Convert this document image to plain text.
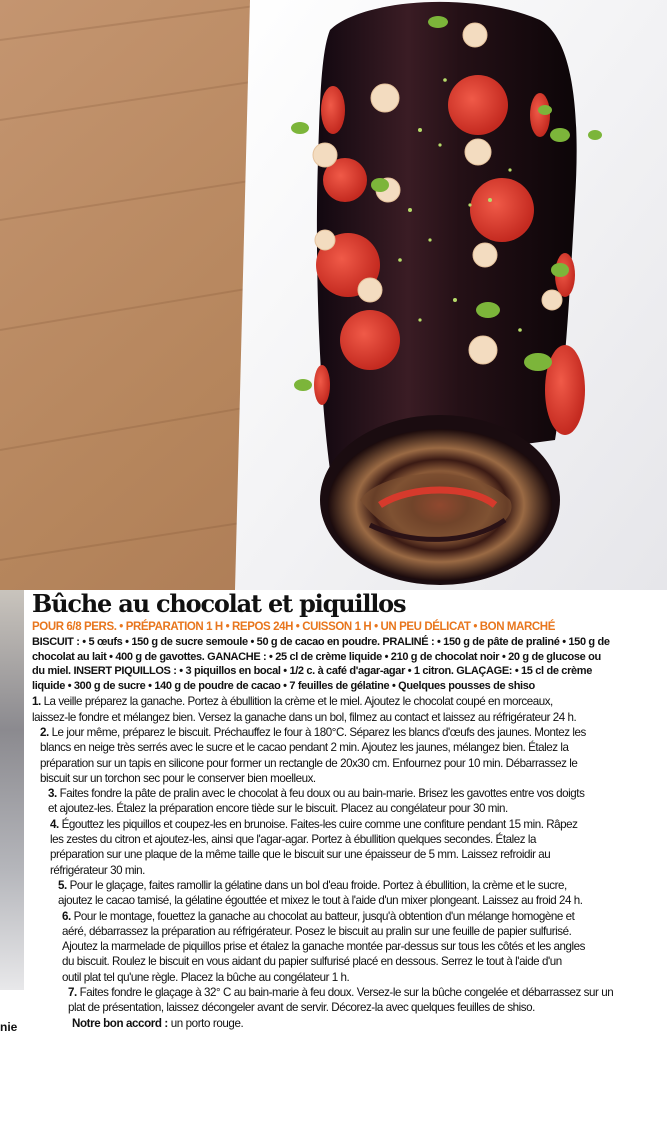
nie
Bûche au chocolat et piquillos
POUR 6/8 PERS. • PRÉPARATION 1 H • REPOS 24H • CUISSON 1 H • UN PEU DÉLICAT • BON MARCHÉ
BISCUIT : • 5 œufs • 150 g de sucre semoule • 50 g de cacao en poudre. PRALINÉ : • 150 g de pâte de praliné • 150 g de
chocolat au lait • 400 g de gavottes. GANACHE : • 25 cl de crème liquide • 210 g de chocolat noir • 20 g de glucose ou
du miel. INSERT PIQUILLOS : • 3 piquillos en bocal • 1/2 c. à café d'agar-agar • 1 citron. GLAÇAGE: • 15 cl de crème
liquide • 300 g de sucre • 140 g de poudre de cacao • 7 feuilles de gélatine • Quelques pousses de shiso
1. La veille préparez la ganache. Portez à ébullition la crème et le miel. Ajoutez le chocolat coupé en morceaux,
laissez-le fondre et mélangez bien. Versez la ganache dans un bol, filmez au contact et laissez au réfrigérateur 24 h.
2. Le jour même, préparez le biscuit. Préchauffez le four à 180°C. Séparez les blancs d'œufs des jaunes. Montez les
blancs en neige très serrés avec le sucre et le cacao pendant 2 min. Ajoutez les jaunes, mélangez bien. Étalez la
préparation sur un tapis en silicone pour former un rectangle de 20x30 cm. Enfournez pour 10 min. Débarrassez le
biscuit sur un torchon sec pour le conserver bien moelleux.
3. Faites fondre la pâte de pralin avec le chocolat à feu doux ou au bain-marie. Brisez les gavottes entre vos doigts
et ajoutez-les. Étalez la préparation encore tiède sur le biscuit. Placez au congélateur pour 30 min.
4. Égouttez les piquillos et coupez-les en brunoise. Faites-les cuire comme une confiture pendant 15 min. Râpez
les zestes du citron et ajoutez-les, ainsi que l'agar-agar. Portez à ébullition quelques secondes. Étalez la
préparation sur une plaque de la même taille que le biscuit sur une épaisseur de 5 mm. Laissez refroidir au
réfrigérateur 30 min.
5. Pour le glaçage, faites ramollir la gélatine dans un bol d'eau froide. Portez à ébullition, la crème et le sucre,
ajoutez le cacao tamisé, la gélatine égouttée et mixez le tout à l'aide d'un mixer plongeant. Laissez au froid 24 h.
6. Pour le montage, fouettez la ganache au chocolat au batteur, jusqu'à obtention d'un mélange homogène et
aéré, débarrassez la préparation au réfrigérateur. Posez le biscuit au pralin sur une feuille de papier sulfurisé.
Ajoutez la marmelade de piquillos prise et étalez la ganache montée par-dessus sur tous les côtés et les angles
du biscuit. Roulez le biscuit en vous aidant du papier sulfurisé placé en dessous. Serrez le tout à l'aide d'un
outil plat tel qu'une règle. Placez la bûche au congélateur 1 h.
7. Faites fondre le glaçage à 32° C au bain-marie à feu doux. Versez-le sur la bûche congelée et débarrassez sur un
plat de présentation, laissez décongeler avant de servir. Décorez-la avec quelques feuilles de shiso.
Notre bon accord : un porto rouge.
